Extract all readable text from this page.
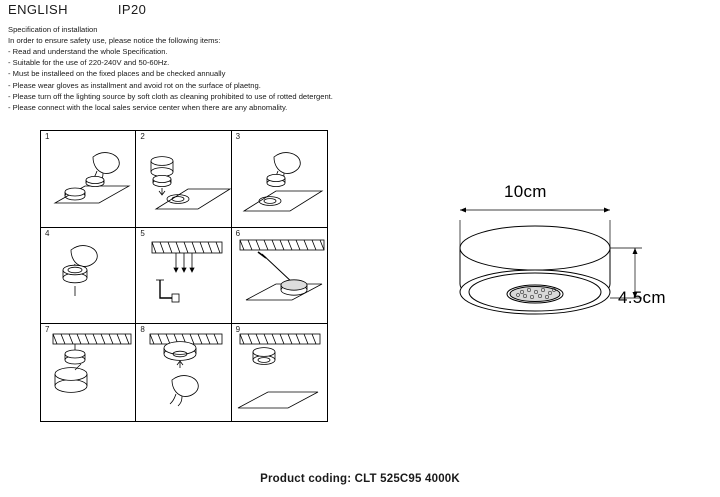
ENGLISH	IP20
Specification of installation
In order to ensure safety use, please notice the following items:
- Read and understand the whole Specification.
- Suitable for the use of 220-240V and 50-60Hz.
- Must be installeed on the fixed places and be checked annually
- Please wear gloves as installment and avoid rot on the surface of plaetng.
- Please turn off the lighting source by soft cloth as cleaning prohibited to use of rotted detergent.
- Please connect with the local sales service center when there are any abnomality.
1	2	3
4	5	6
7	8	9
10cm
4.5cm
Product coding: CLT 525C95 4000K
